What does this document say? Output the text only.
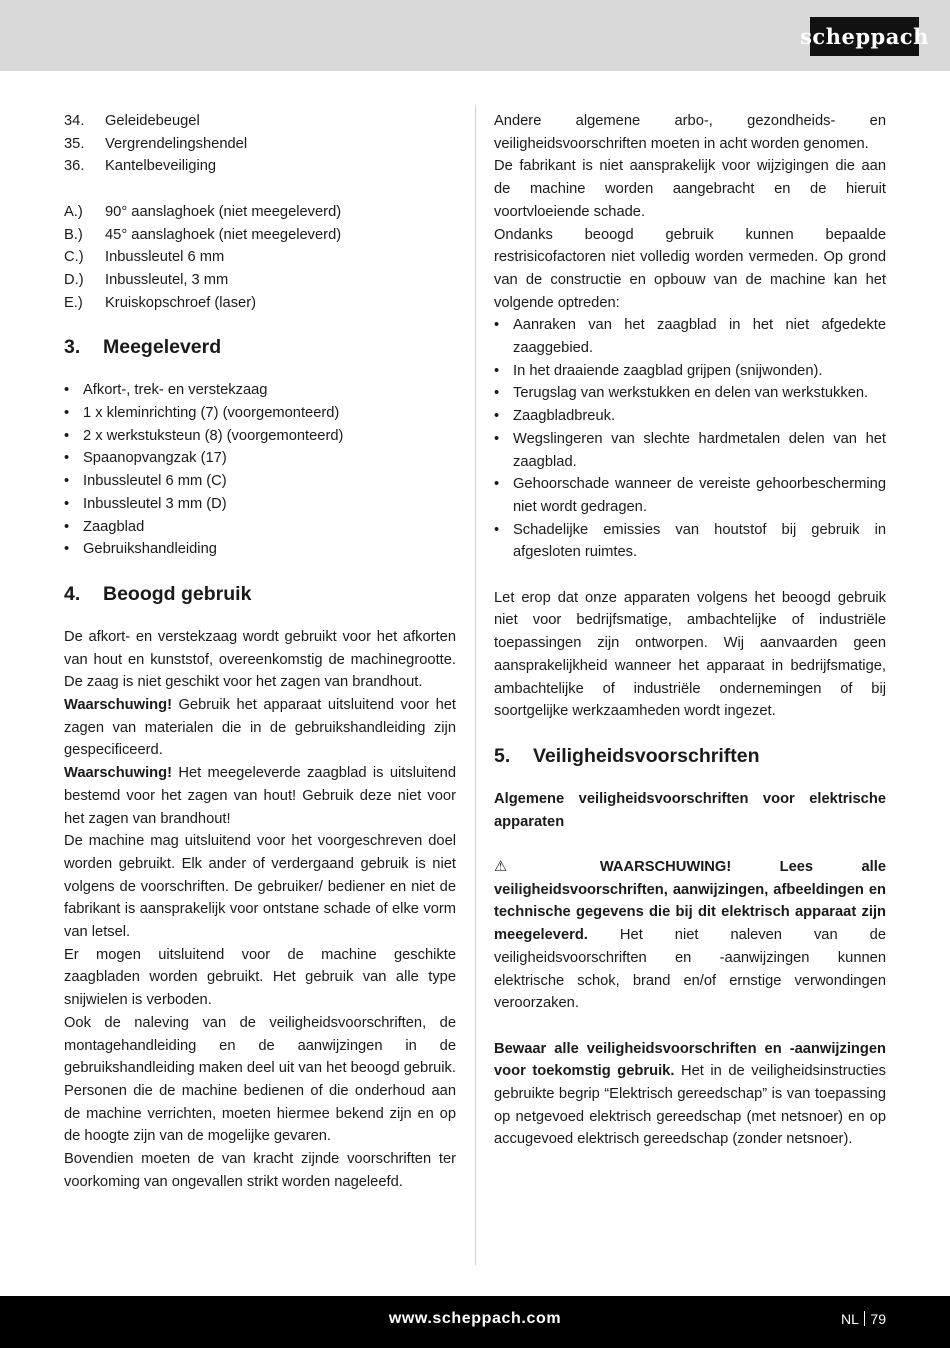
scheppach
34.	Geleidebeugel
35.	Vergrendelingshendel
36.	Kantelbeveiliging
A.)	90° aanslaghoek (niet meegeleverd)
B.)	45° aanslaghoek (niet meegeleverd)
C.)	Inbussleutel 6 mm
D.)	Inbussleutel, 3 mm
E.)	Kruiskopschroef (laser)
3.	Meegeleverd
• Afkort-, trek- en verstekzaag
• 1 x kleminrichting (7) (voorgemonteerd)
• 2 x werkstuksteun (8) (voorgemonteerd)
• Spaanopvangzak (17)
• Inbussleutel 6 mm (C)
• Inbussleutel 3 mm (D)
• Zaagblad
• Gebruikshandleiding
4.	Beoogd gebruik

De afkort- en verstekzaag wordt gebruikt voor het afkorten van hout en kunststof, overeenkomstig de machinegrootte. De zaag is niet geschikt voor het zagen van brandhout.

Waarschuwing! Gebruik het apparaat uitsluitend voor het zagen van materialen die in de gebruikshandleiding zijn gespecificeerd.

Waarschuwing! Het meegeleverde zaagblad is uitsluitend bestemd voor het zagen van hout! Gebruik deze niet voor het zagen van brandhout!

De machine mag uitsluitend voor het voorgeschreven doel worden gebruikt. Elk ander of verdergaand gebruik is niet volgens de voorschriften. De gebruiker/ bediener en niet de fabrikant is aansprakelijk voor ontstane schade of elke vorm van letsel.

Er mogen uitsluitend voor de machine geschikte zaagbladen worden gebruikt. Het gebruik van alle type snijwielen is verboden.

Ook de naleving van de veiligheidsvoorschriften, de montagehandleiding en de aanwijzingen in de gebruikshandleiding maken deel uit van het beoogd gebruik.

Personen die de machine bedienen of die onderhoud aan de machine verrichten, moeten hiermee bekend zijn en op de hoogte zijn van de mogelijke gevaren.

Bovendien moeten de van kracht zijnde voorschriften ter voorkoming van ongevallen strikt worden nageleefd.

Andere algemene arbo-, gezondheids- en veiligheidsvoorschriften moeten in acht worden genomen.

De fabrikant is niet aansprakelijk voor wijzigingen die aan de machine worden aangebracht en de hieruit voortvloeiende schade.

Ondanks beoogd gebruik kunnen bepaalde restrisicofactoren niet volledig worden vermeden. Op grond van de constructie en opbouw van de machine kan het volgende optreden:

• Aanraken van het zaagblad in het niet afgedekte zaaggebied.
• In het draaiende zaagblad grijpen (snijwonden).
• Terugslag van werkstukken en delen van werkstukken.
• Zaagbladbreuk.
• Wegslingeren van slechte hardmetalen delen van het zaagblad.
• Gehoorschade wanneer de vereiste gehoorbescherming niet wordt gedragen.
• Schadelijke emissies van houtstof bij gebruik in afgesloten ruimtes.

Let erop dat onze apparaten volgens het beoogd gebruik niet voor bedrijfsmatige, ambachtelijke of industriële toepassingen zijn ontworpen. Wij aanvaarden geen aansprakelijkheid wanneer het apparaat in bedrijfsmatige, ambachtelijke of industriële ondernemingen of bij soortgelijke werkzaamheden wordt ingezet.

5.	Veiligheidsvoorschriften

Algemene veiligheidsvoorschriften voor elektrische apparaten

⚠ WAARSCHUWING! Lees alle veiligheidsvoorschriften, aanwijzingen, afbeeldingen en technische gegevens die bij dit elektrisch apparaat zijn meegeleverd. Het niet naleven van de veiligheidsvoorschriften en -aanwijzingen kunnen elektrische schok, brand en/of ernstige verwondingen veroorzaken.

Bewaar alle veiligheidsvoorschriften en -aanwijzingen voor toekomstig gebruik. Het in de veiligheidsinstructies gebruikte begrip “Elektrisch gereedschap” is van toepassing op netgevoed elektrisch gereedschap (met netsnoer) en op accugevoed elektrisch gereedschap (zonder netsnoer).

www.scheppach.com	NL 79
